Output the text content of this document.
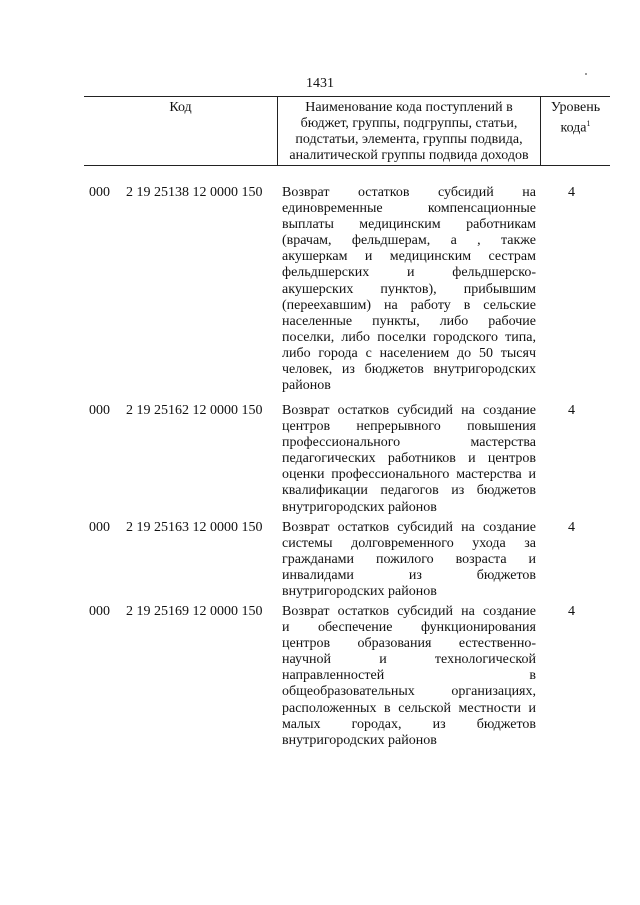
1431
Код	Наименование кода поступлений в
бюджет, группы, подгруппы, статьи,
подстатьи, элемента, группы подвида,
аналитической группы подвида доходов
Уровень
кода$^1$
000 2 19 25138 12 0000 150 Возврат остатков субсидий на
единовременные компенсационные
выплаты медицинским работникам
(врачам, фельдшерам, а , также
акушеркам и медицинским сестрам
фельдшерских и фельдшерско-
акушерских пунктов), прибывшим
(переехавшим) на работу в сельские
населенные пункты, либо рабочие
поселки, либо поселки городского типа,
либо города с населением до 50 тысяч
человек, из бюджетов внутригородских
районов
4
000 2 19 25162 12 0000 150 Возврат остатков субсидий на создание
центров непрерывного повышения
профессионального мастерства
педагогических работников и центров
оценки профессионального мастерства и
квалификации педагогов из бюджетов
внутригородских районов
4
000 2 19 25163 12 0000 150 Возврат остатков субсидий на создание
системы долговременного ухода за
гражданами пожилого возраста и
инвалидами из бюджетов
внутригородских районов
4
000 2 19 25169 12 0000 150 Возврат остатков субсидий на создание
и обеспечение функционирования
центров образования естественно-
научной и технологической
направленностей в
общеобразовательных организациях,
расположенных в сельской местности и
малых городах, из бюджетов
внутригородских районов
4
